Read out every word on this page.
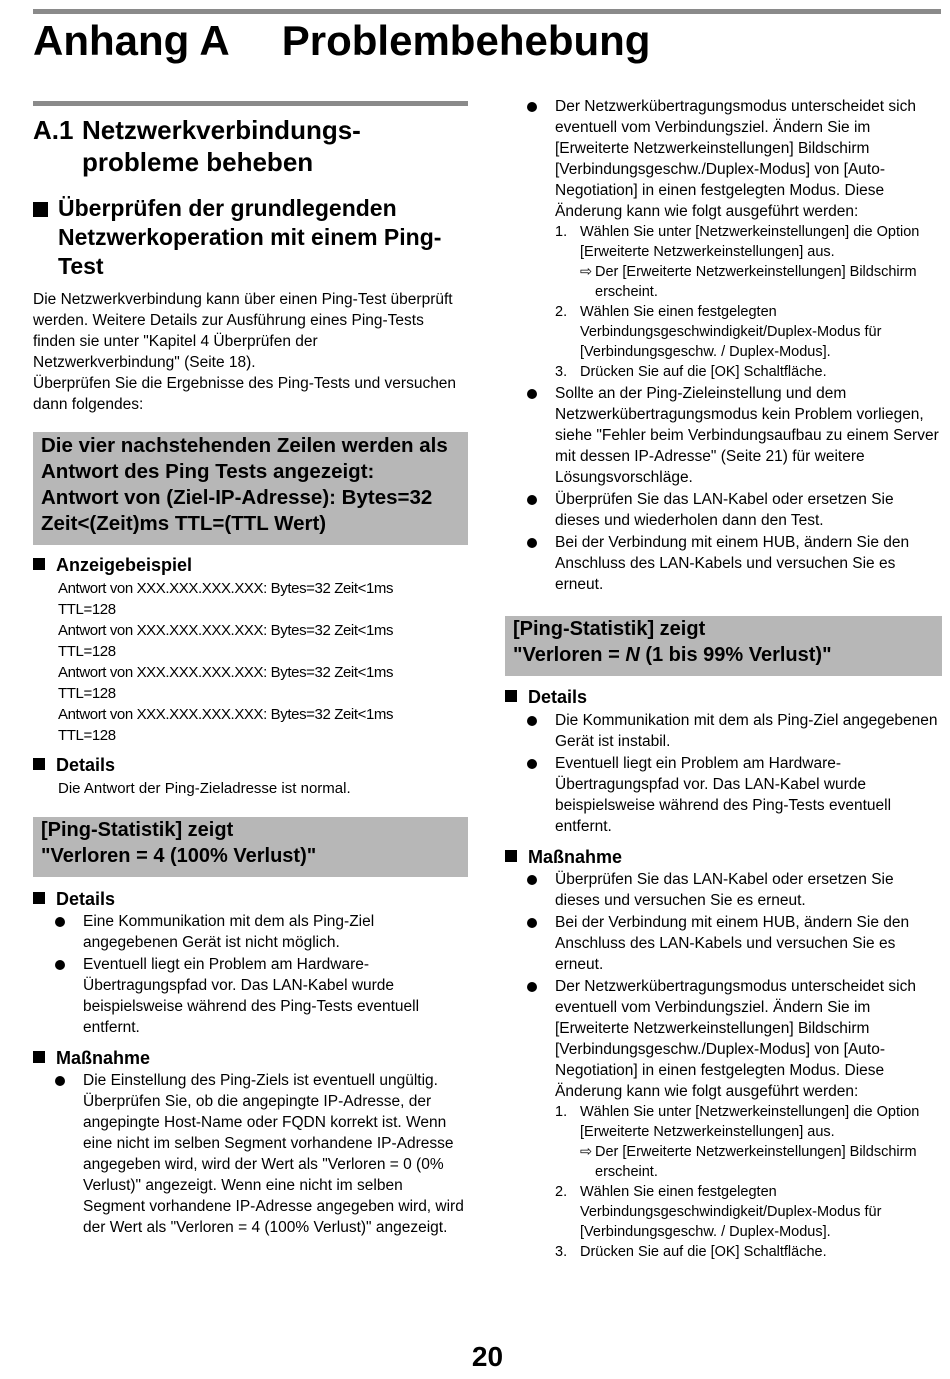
Anhang A Problembehebung
A.1 Netzwerkverbindungs-
probleme beheben
Überprüfen der grundlegenden Netzwerkoperation mit einem Ping-Test

Die Netzwerkverbindung kann über einen Ping-Test überprüft werden. Weitere Details zur Ausführung eines Ping-Tests finden sie unter "Kapitel 4 Überprüfen der Netzwerkverbindung" (Seite 18).

Überprüfen Sie die Ergebnisse des Ping-Tests und versuchen dann folgendes:

Die vier nachstehenden Zeilen werden als
Antwort des Ping Tests angezeigt:
Antwort von (Ziel-IP-Adresse): Bytes=32
Zeit<(Zeit)ms TTL=(TTL Wert)
Anzeigebeispiel
Antwort von XXX.XXX.XXX.XXX: Bytes=32 Zeit<1ms
TTL=128
Antwort von XXX.XXX.XXX.XXX: Bytes=32 Zeit<1ms
TTL=128
Antwort von XXX.XXX.XXX.XXX: Bytes=32 Zeit<1ms
TTL=128
Antwort von XXX.XXX.XXX.XXX: Bytes=32 Zeit<1ms
TTL=128
Details

Die Antwort der Ping-Zieladresse ist normal.

[Ping-Statistik] zeigt
"Verloren = 4 (100% Verlust)"
Details
Eine Kommunikation mit dem als Ping-Ziel angegebenen Gerät ist nicht möglich.
Eventuell liegt ein Problem am Hardware-Übertragungspfad vor. Das LAN-Kabel wurde beispielsweise während des Ping-Tests eventuell entfernt.
Maßnahme
Die Einstellung des Ping-Ziels ist eventuell ungültig. Überprüfen Sie, ob die angepingte IP-Adresse, der angepingte Host-Name oder FQDN korrekt ist. Wenn eine nicht im selben Segment vorhandene IP-Adresse angegeben wird, wird der Wert als "Verloren = 0 (0% Verlust)" angezeigt. Wenn eine nicht im selben Segment vorhandene IP-Adresse angegeben wird, wird der Wert als "Verloren = 4 (100% Verlust)" angezeigt.
Der Netzwerkübertragungsmodus unterscheidet sich eventuell vom Verbindungsziel. Ändern Sie im [Erweiterte Netzwerkeinstellungen] Bildschirm [Verbindungsgeschw./Duplex-Modus] von [Auto-Negotiation] in einen festgelegten Modus. Diese Änderung kann wie folgt ausgeführt werden:
1. Wählen Sie unter [Netzwerkeinstellungen] die Option [Erweiterte Netzwerkeinstellungen] aus.
⇨ Der [Erweiterte Netzwerkeinstellungen] Bildschirm erscheint.
2. Wählen Sie einen festgelegten Verbindungsgeschwindigkeit/Duplex-Modus für [Verbindungsgeschw. / Duplex-Modus].
3. Drücken Sie auf die [OK] Schaltfläche.
Sollte an der Ping-Zieleinstellung und dem Netzwerkübertragungsmodus kein Problem vorliegen, siehe "Fehler beim Verbindungsaufbau zu einem Server mit dessen IP-Adresse" (Seite 21) für weitere Lösungsvorschläge.
Überprüfen Sie das LAN-Kabel oder ersetzen Sie dieses und wiederholen dann den Test.
Bei der Verbindung mit einem HUB, ändern Sie den Anschluss des LAN-Kabels und versuchen Sie es erneut.
[Ping-Statistik] zeigt
"Verloren = N (1 bis 99% Verlust)"
Details
Die Kommunikation mit dem als Ping-Ziel angegebenen Gerät ist instabil.
Eventuell liegt ein Problem am Hardware-Übertragungspfad vor. Das LAN-Kabel wurde beispielsweise während des Ping-Tests eventuell entfernt.
Maßnahme
Überprüfen Sie das LAN-Kabel oder ersetzen Sie dieses und versuchen Sie es erneut.
Bei der Verbindung mit einem HUB, ändern Sie den Anschluss des LAN-Kabels und versuchen Sie es erneut.
Der Netzwerkübertragungsmodus unterscheidet sich eventuell vom Verbindungsziel. Ändern Sie im [Erweiterte Netzwerkeinstellungen] Bildschirm [Verbindungsgeschw./Duplex-Modus] von [Auto-Negotiation] in einen festgelegten Modus. Diese Änderung kann wie folgt ausgeführt werden:
1. Wählen Sie unter [Netzwerkeinstellungen] die Option [Erweiterte Netzwerkeinstellungen] aus.
⇨ Der [Erweiterte Netzwerkeinstellungen] Bildschirm erscheint.
2. Wählen Sie einen festgelegten Verbindungsgeschwindigkeit/Duplex-Modus für [Verbindungsgeschw. / Duplex-Modus].
3. Drücken Sie auf die [OK] Schaltfläche.
20
